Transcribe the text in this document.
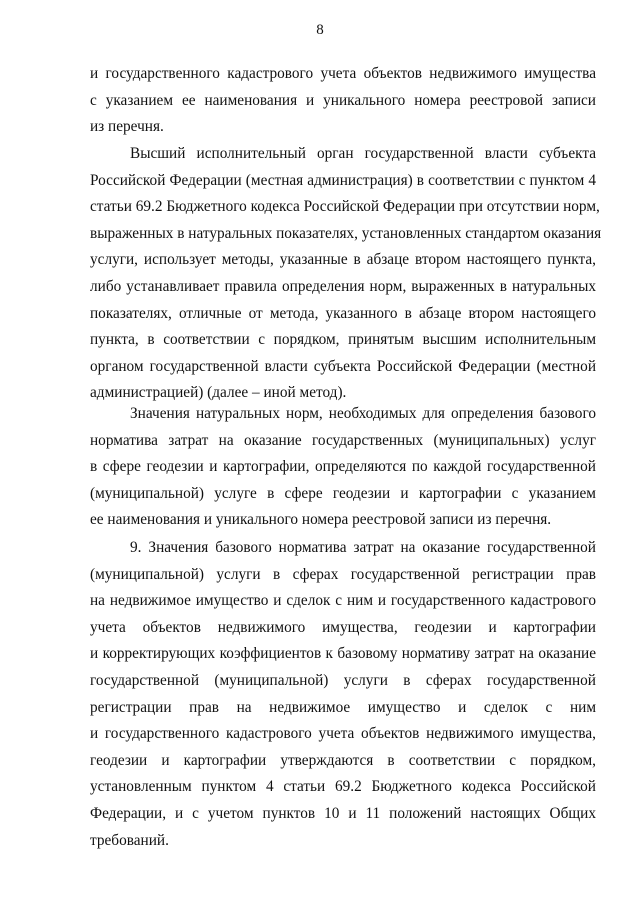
8
и государственного кадастрового учета объектов недвижимого имущества
с указанием ее наименования и уникального номера реестровой записи
из перечня.
Высший исполнительный орган государственной власти субъекта
Российской Федерации (местная администрация) в соответствии с пунктом 4
статьи 69.2 Бюджетного кодекса Российской Федерации при отсутствии норм,
выраженных в натуральных показателях, установленных стандартом оказания
услуги, использует методы, указанные в абзаце втором настоящего пункта,
либо устанавливает правила определения норм, выраженных в натуральных
показателях, отличные от метода, указанного в абзаце втором настоящего
пункта, в соответствии с порядком, принятым высшим исполнительным
органом государственной власти субъекта Российской Федерации (местной
администрацией) (далее – иной метод).
Значения натуральных норм, необходимых для определения базового
норматива затрат на оказание государственных (муниципальных) услуг
в сфере геодезии и картографии, определяются по каждой государственной
(муниципальной) услуге в сфере геодезии и картографии с указанием
ее наименования и уникального номера реестровой записи из перечня.
9. Значения базового норматива затрат на оказание государственной
(муниципальной) услуги в сферах государственной регистрации прав
на недвижимое имущество и сделок с ним и государственного кадастрового
учета объектов недвижимого имущества, геодезии и картографии
и корректирующих коэффициентов к базовому нормативу затрат на оказание
государственной (муниципальной) услуги в сферах государственной
регистрации прав на недвижимое имущество и сделок с ним
и государственного кадастрового учета объектов недвижимого имущества,
геодезии и картографии утверждаются в соответствии с порядком,
установленным пунктом 4 статьи 69.2 Бюджетного кодекса Российской
Федерации, и с учетом пунктов 10 и 11 положений настоящих Общих
требований.
